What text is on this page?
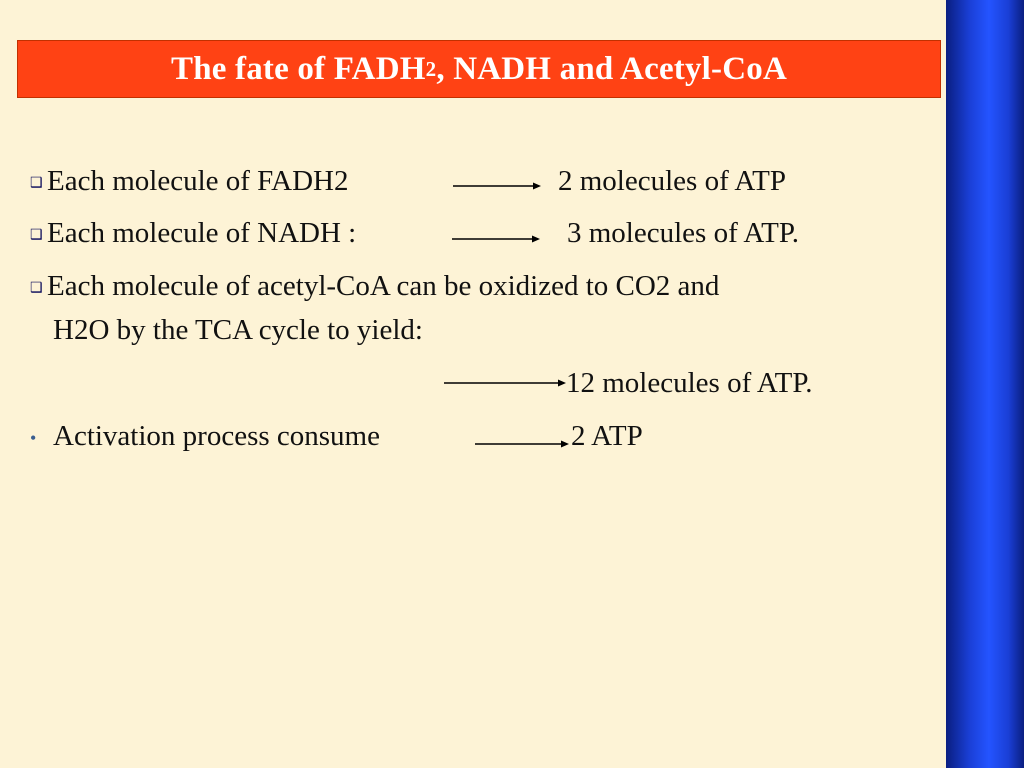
The fate of FADH 2 , NADH and Acetyl-CoA
❑ Each molecule of FADH2	2 molecules of ATP
❑ Each molecule of NADH :	3 molecules of ATP.
❑ Each molecule of acetyl-CoA can be oxidized to CO2 and
H2O by the TCA cycle to yield:
12 molecules of ATP.
• Activation process consume	2 ATP
